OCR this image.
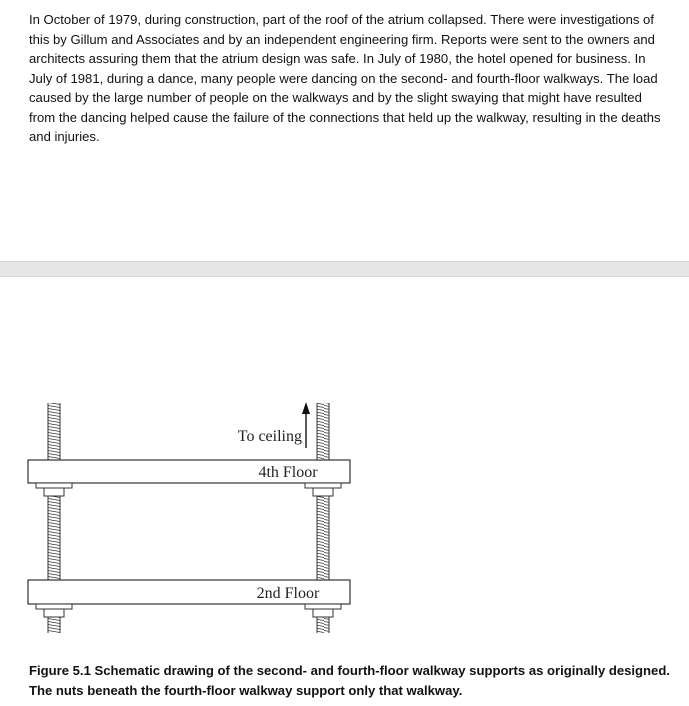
In October of 1979, during construction, part of the roof of the atrium collapsed. There were investigations of this by Gillum and Associates and by an independent engineering firm. Reports were sent to the owners and architects assuring them that the atrium design was safe. In July of 1980, the hotel opened for business. In July of 1981, during a dance, many people were dancing on the second- and fourth-floor walkways. The load caused by the large number of people on the walkways and by the slight swaying that might have resulted from the dancing helped cause the failure of the connections that held up the walkway, resulting in the deaths and injuries.

To ceiling
4th Floor
2nd Floor

Figure 5.1 Schematic drawing of the second- and fourth-floor walkway supports as originally designed. The nuts beneath the fourth-floor walkway support only that walkway.
